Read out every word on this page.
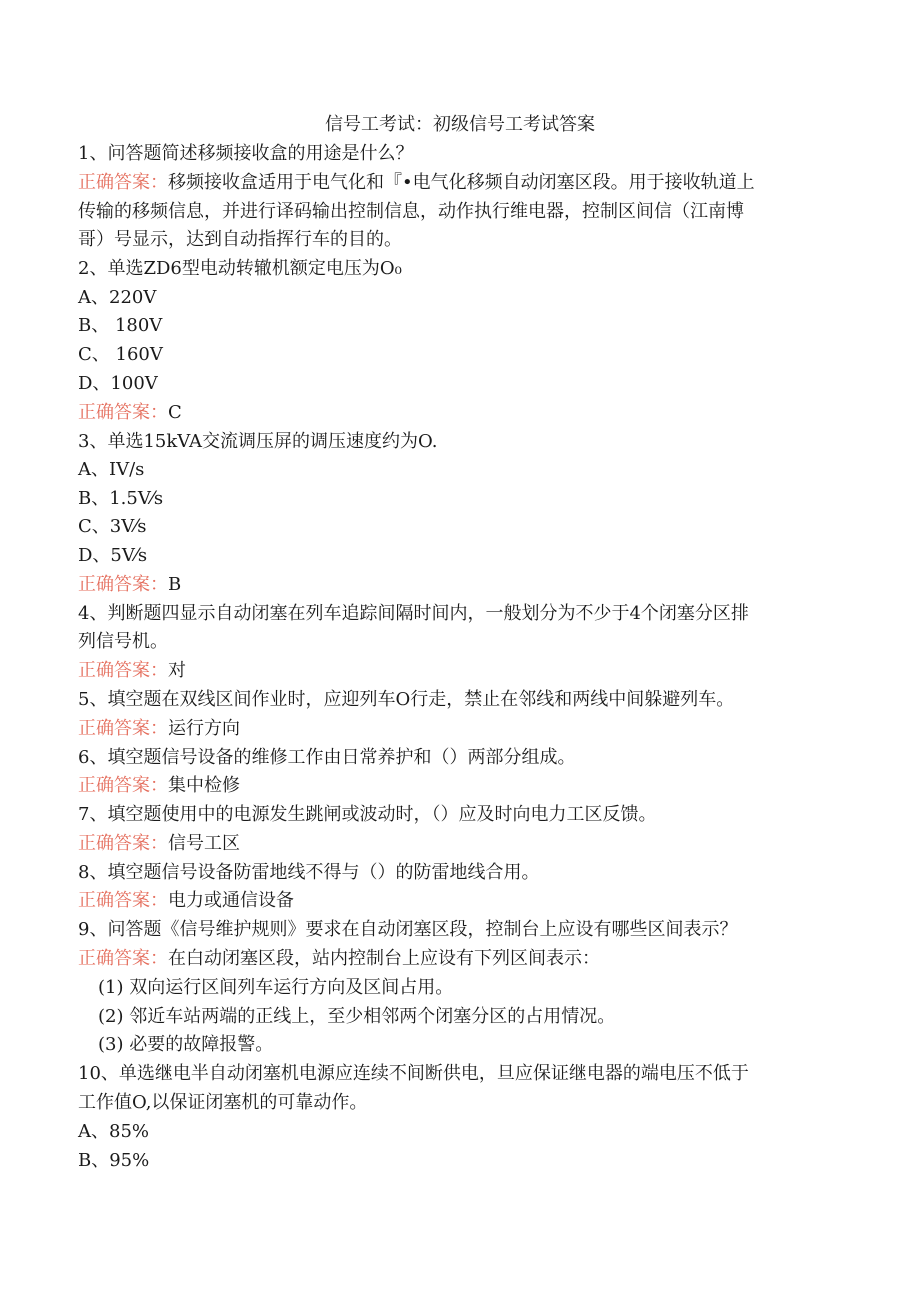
信号工考试：初级信号工考试答案
1、问答题简述移频接收盒的用途是什么？
正确答案：移频接收盒适用于电气化和『•电气化移频自动闭塞区段。用于接收轨道上
传输的移频信息，并进行译码输出控制信息，动作执行维电器，控制区间信（江南博
哥）号显示，达到自动指挥行车的目的。
2、单选ZD6型电动转辙机额定电压为O₀
A、220V
B、 180V
C、 160V
D、100V
正确答案：C
3、单选15kVA交流调压屏的调压速度约为O.
A、IV/s
B、1.5V⁄s
C、3V⁄s
D、5V⁄s
正确答案：B
4、判断题四显示自动闭塞在列车追踪间隔时间内，一般划分为不少于4个闭塞分区排
列信号机。
正确答案：对
5、填空题在双线区间作业时，应迎列车O行走，禁止在邻线和两线中间躲避列车。
正确答案：运行方向
6、填空题信号设备的维修工作由日常养护和（）两部分组成。
正确答案：集中检修
7、填空题使用中的电源发生跳闸或波动时，（）应及时向电力工区反馈。
正确答案：信号工区
8、填空题信号设备防雷地线不得与（）的防雷地线合用。
正确答案：电力或通信设备
9、问答题《信号维护规则》要求在自动闭塞区段，控制台上应设有哪些区间表示？
正确答案：在白动闭塞区段，站内控制台上应设有下列区间表示：
(1) 双向运行区间列车运行方向及区间占用。
(2) 邻近车站两端的正线上，至少相邻两个闭塞分区的占用情况。
(3) 必要的故障报警。
10、单选继电半自动闭塞机电源应连续不间断供电，旦应保证继电器的端电压不低于
工作值O,以保证闭塞机的可靠动作。
A、85%
B、95%
